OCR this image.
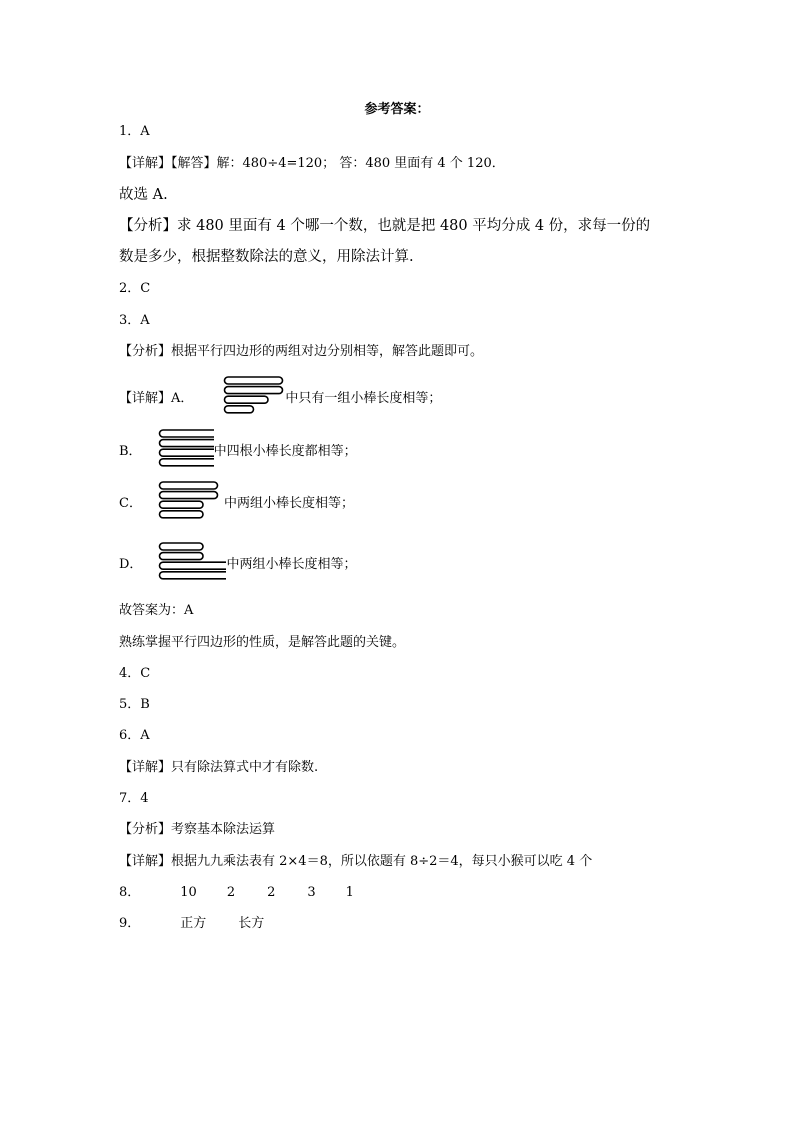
参考答案：
1．A
【详解】【解答】解：480÷4=120； 答：480 里面有 4 个 120．
故选 A.
【分析】求 480 里面有 4 个哪一个数，也就是把 480 平均分成 4 份，求每一份的
数是多少，根据整数除法的意义，用除法计算.
2．C
3．A
【分析】根据平行四边形的两组对边分别相等，解答此题即可。
【详解】A．	中只有一组小棒长度相等；
B．	中四根小棒长度都相等；
C．	中两组小棒长度相等；
D．	中两组小棒长度相等；
故答案为：A
熟练掌握平行四边形的性质，是解答此题的关键。
4．C
5．B
6．A
【详解】只有除法算式中才有除数.
7．4
【分析】考察基本除法运算
【详解】根据九九乘法表有 2×4＝8，所以依题有 8÷2＝4，每只小猴可以吃 4 个
8．	10 2 2 3 1
9．	正方 长方
